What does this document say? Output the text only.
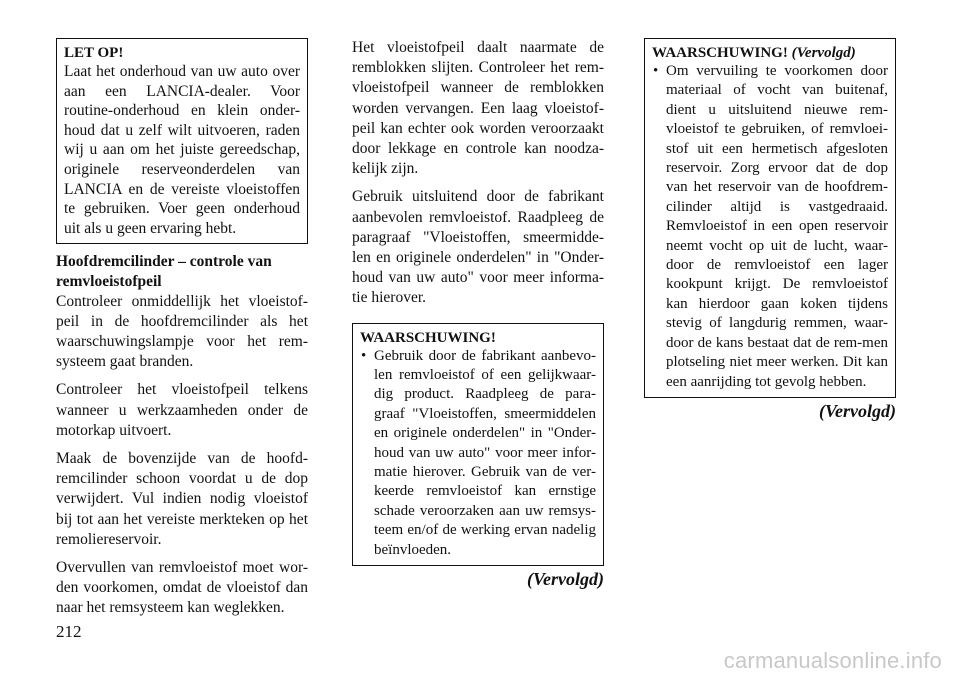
LET OP!

Laat het onderhoud van uw auto over aan een LANCIA-dealer. Voor routine-onderhoud en klein onder-houd dat u zelf wilt uitvoeren, raden wij u aan om het juiste gereedschap, originele reserveonderdelen van LANCIA en de vereiste vloeistoffen te gebruiken. Voer geen onderhoud uit als u geen ervaring hebt.

Hoofdremcilinder – controle van remvloeistofpeil

Controleer onmiddellijk het vloeistof-peil in de hoofdremcilinder als het waarschuwingslampje voor het rem-systeem gaat branden.

Controleer het vloeistofpeil telkens wanneer u werkzaamheden onder de motorkap uitvoert.

Maak de bovenzijde van de hoofd-remcilinder schoon voordat u de dop verwijdert. Vul indien nodig vloeistof bij tot aan het vereiste merkteken op het remoliereservoir.

Overvullen van remvloeistof moet wor-den voorkomen, omdat de vloeistof dan naar het remsysteem kan weglekken.

Het vloeistofpeil daalt naarmate de remblokken slijten. Controleer het rem-vloeistofpeil wanneer de remblokken worden vervangen. Een laag vloeistof-peil kan echter ook worden veroorzaakt door lekkage en controle kan noodza-kelijk zijn.

Gebruik uitsluitend door de fabrikant aanbevolen remvloeistof. Raadpleeg de paragraaf "Vloeistoffen, smeermidde-len en originele onderdelen" in "Onder-houd van uw auto" voor meer informa-tie hierover.

WAARSCHUWING!
• Gebruik door de fabrikant aanbevo-len remvloeistof of een gelijkwaar-dig product. Raadpleeg de para-graaf "Vloeistoffen, smeermiddelen en originele onderdelen" in "Onder-houd van uw auto" voor meer infor-matie hierover. Gebruik van de ver-keerde remvloeistof kan ernstige schade veroorzaken aan uw remsys-teem en/of de werking ervan nadelig beïnvloeden.
(Vervolgd)
WAARSCHUWING! (Vervolgd)
• Om vervuiling te voorkomen door materiaal of vocht van buitenaf, dient u uitsluitend nieuwe rem-vloeistof te gebruiken, of remvloei-stof uit een hermetisch afgesloten reservoir. Zorg ervoor dat de dop van het reservoir van de hoofdrem-cilinder altijd is vastgedraaid. Remvloeistof in een open reservoir neemt vocht op uit de lucht, waar-door de remvloeistof een lager kookpunt krijgt. De remvloeistof kan hierdoor gaan koken tijdens stevig of langdurig remmen, waar-door de kans bestaat dat de rem-men plotseling niet meer werken. Dit kan een aanrijding tot gevolg hebben.
(Vervolgd)
212
carmanualsonline.info
